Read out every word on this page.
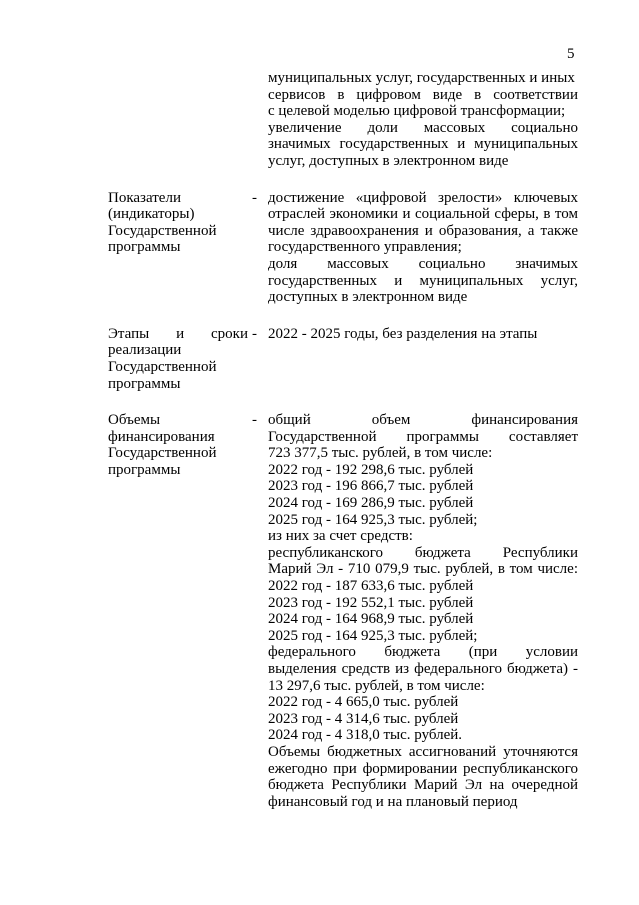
5
муниципальных услуг, государственных и иных
сервисов в цифровом виде в соответствии
с целевой моделью цифровой трансформации;
увеличение доли массовых социально
значимых государственных и муниципальных
услуг, доступных в электронном виде
Показатели
(индикаторы)
Государственной
программы
- достижение «цифровой зрелости» ключевых
отраслей экономики и социальной сферы, в том
числе здравоохранения и образования, а также
государственного управления;
доля массовых социально значимых
государственных и муниципальных услуг,
доступных в электронном виде
Этапы и сроки
реализации
Государственной
программы
- 2022 - 2025 годы, без разделения на этапы

Объемы
финансирования
Государственной
программы
- общий объем финансирования
Государственной программы составляет
723 377,5 тыс. рублей, в том числе:
2022 год - 192 298,6 тыс. рублей
2023 год - 196 866,7 тыс. рублей
2024 год - 169 286,9 тыс. рублей
2025 год - 164 925,3 тыс. рублей;
из них за счет средств:
республиканского бюджета Республики
Марий Эл - 710 079,9 тыс. рублей, в том числе:
2022 год - 187 633,6 тыс. рублей
2023 год - 192 552,1 тыс. рублей
2024 год - 164 968,9 тыс. рублей
2025 год - 164 925,3 тыс. рублей;
федерального бюджета (при условии
выделения средств из федерального бюджета) -
13 297,6 тыс. рублей, в том числе:
2022 год - 4 665,0 тыс. рублей
2023 год - 4 314,6 тыс. рублей
2024 год - 4 318,0 тыс. рублей.
Объемы бюджетных ассигнований уточняются
ежегодно при формировании республиканского
бюджета Республики Марий Эл на очередной
финансовый год и на плановый период
